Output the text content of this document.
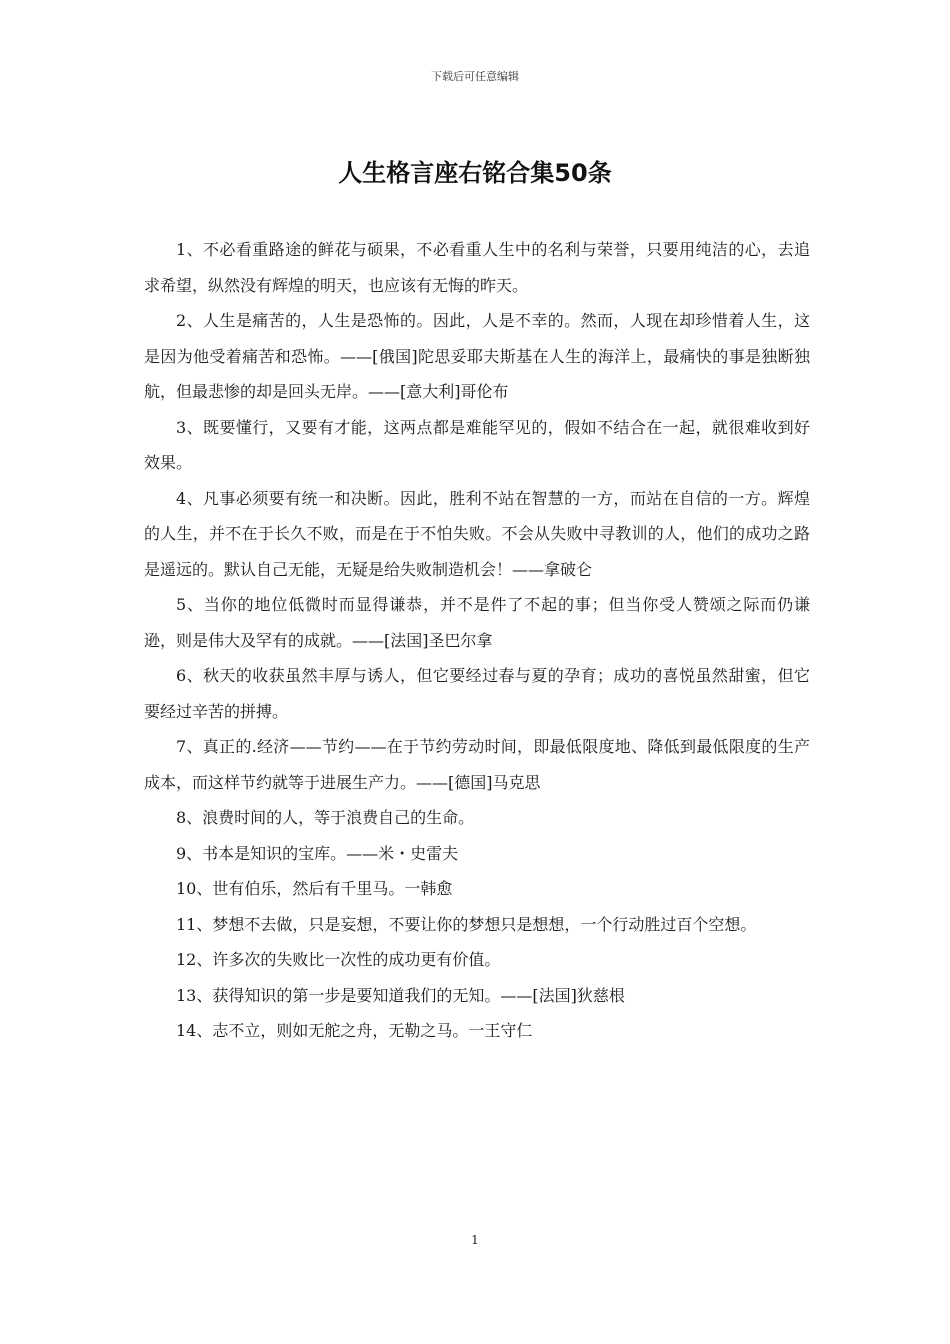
下载后可任意编辑
人生格言座右铭合集50条
1、不必看重路途的鲜花与硕果，不必看重人生中的名利与荣誉，只要用纯洁的心，去追求希望，纵然没有辉煌的明天，也应该有无悔的昨天。
2、人生是痛苦的，人生是恐怖的。因此，人是不幸的。然而，人现在却珍惜着人生，这是因为他受着痛苦和恐怖。——[俄国]陀思妥耶夫斯基在人生的海洋上，最痛快的事是独断独航，但最悲惨的却是回头无岸。——[意大利]哥伦布
3、既要懂行，又要有才能，这两点都是难能罕见的，假如不结合在一起，就很难收到好效果。
4、凡事必须要有统一和决断。因此，胜利不站在智慧的一方，而站在自信的一方。辉煌的人生，并不在于长久不败，而是在于不怕失败。不会从失败中寻教训的人，他们的成功之路是遥远的。默认自己无能，无疑是给失败制造机会！——拿破仑
5、当你的地位低微时而显得谦恭，并不是件了不起的事；但当你受人赞颂之际而仍谦逊，则是伟大及罕有的成就。——[法国]圣巴尔拿
6、秋天的收获虽然丰厚与诱人，但它要经过春与夏的孕育；成功的喜悦虽然甜蜜，但它要经过辛苦的拼搏。
7、真正的.经济——节约——在于节约劳动时间，即最低限度地、降低到最低限度的生产成本，而这样节约就等于进展生产力。——[德国]马克思
8、浪费时间的人，等于浪费自己的生命。
9、书本是知识的宝库。——米・史雷夫
10、世有伯乐，然后有千里马。一韩愈
11、梦想不去做，只是妄想，不要让你的梦想只是想想，一个行动胜过百个空想。
12、许多次的失败比一次性的成功更有价值。
13、获得知识的第一步是要知道我们的无知。——[法国]狄慈根
14、志不立，则如无舵之舟，无勒之马。一王守仁
1
